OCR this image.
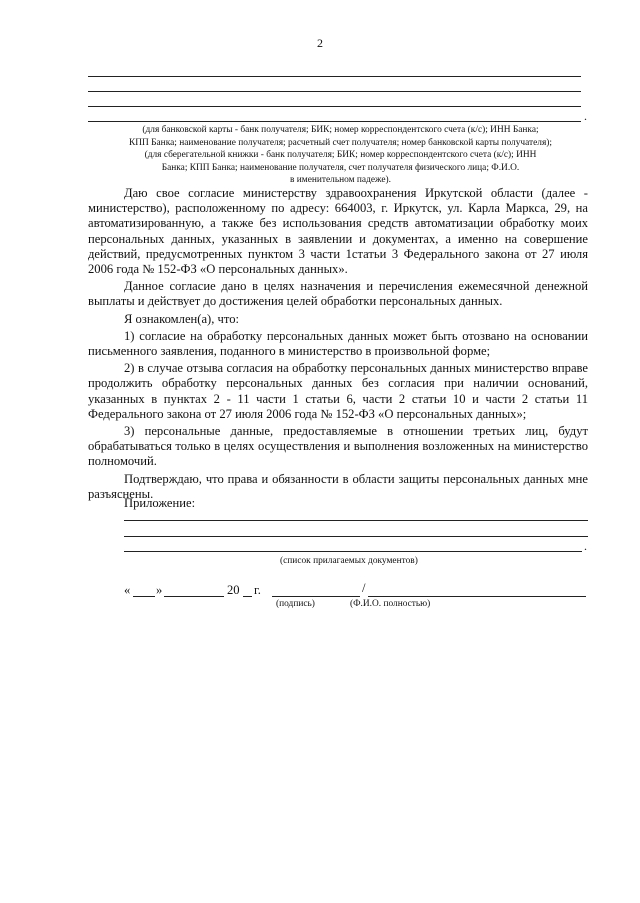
2
.
(для банковской карты - банк получателя; БИК; номер корреспондентского счета (к/с); ИНН Банка;
КПП Банка; наименование получателя; расчетный счет получателя; номер банковской карты получателя);
(для сберегательной книжки - банк получателя; БИК; номер корреспондентского счета (к/с); ИНН
Банка; КПП Банка; наименование получателя, счет получателя физического лица; Ф.И.О.
в именительном падеже).

Даю свое согласие министерству здравоохранения Иркутской области (далее - министерство), расположенному по адресу: 664003, г. Иркутск, ул. Карла Маркса, 29, на автоматизированную, а также без использования средств автоматизации обработку моих персональных данных, указанных в заявлении и документах, а именно на совершение действий, предусмотренных пунктом 3 части 1статьи 3 Федерального закона от 27 июля 2006 года № 152-ФЗ «О персональных данных».

Данное согласие дано в целях назначения и перечисления ежемесячной денежной выплаты и действует до достижения целей обработки персональных данных.

Я ознакомлен(а), что:

1) согласие на обработку персональных данных может быть отозвано на основании письменного заявления, поданного в министерство в произвольной форме;

2) в случае отзыва согласия на обработку персональных данных министерство вправе продолжить обработку персональных данных без согласия при наличии оснований, указанных в пунктах 2 - 11 части 1 статьи 6, части 2 статьи 10 и части 2 статьи 11 Федерального закона от 27 июля 2006 года № 152-ФЗ «О персональных данных»;

3) персональные данные, предоставляемые в отношении третьих лиц, будут обрабатываться только в целях осуществления и выполнения возложенных на министерство полномочий.

Подтверждаю, что права и обязанности в области защиты персональных данных мне разъяснены.

Приложение:
.
(список прилагаемых документов)
« »	20 г.	/
(подпись)	(Ф.И.О. полностью)
